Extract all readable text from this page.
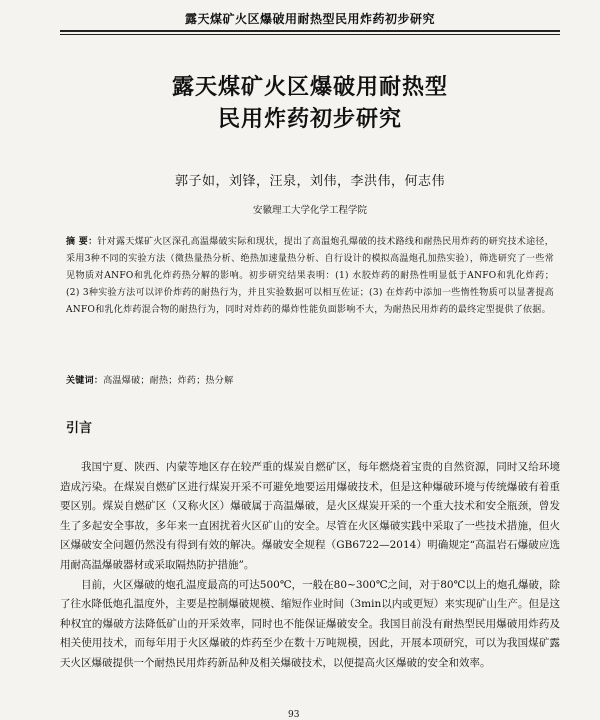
露天煤矿火区爆破用耐热型民用炸药初步研究
露天煤矿火区爆破用耐热型
民用炸药初步研究
郭子如，刘锋，汪泉，刘伟，李洪伟，何志伟
安徽理工大学化学工程学院
摘 要：针对露天煤矿火区深孔高温爆破实际和现状，提出了高温炮孔爆破的技术路线和耐热民用炸药的研究技术途径，采用3种不同的实验方法（微热量热分析、绝热加速量热分析、自行设计的模拟高温炮孔加热实验），筛选研究了一些常见物质对ANFO和乳化炸药热分解的影响。初步研究结果表明：(1) 水胶炸药的耐热性明显低于ANFO和乳化炸药；(2) 3种实验方法可以评价炸药的耐热行为，并且实验数据可以相互佐证；(3) 在炸药中添加一些惰性物质可以显著提高ANFO和乳化炸药混合物的耐热行为，同时对炸药的爆炸性能负面影响不大，为耐热民用炸药的最终定型提供了依据。
关键词：高温爆破；耐热；炸药；热分解
引言

我国宁夏、陕西、内蒙等地区存在较严重的煤炭自燃矿区，每年燃烧着宝贵的自然资源，同时又给环境造成污染。在煤炭自燃矿区进行煤炭开采不可避免地要运用爆破技术，但是这种爆破环境与传统爆破有着重要区别。煤炭自燃矿区（又称火区）爆破属于高温爆破，是火区煤炭开采的一个重大技术和安全瓶颈，曾发生了多起安全事故，多年来一直困扰着火区矿山的安全。尽管在火区爆破实践中采取了一些技术措施，但火区爆破安全问题仍然没有得到有效的解决。爆破安全规程（GB6722—2014）明确规定“高温岩石爆破应选用耐高温爆破器材或采取隔热防护措施”。

目前，火区爆破的炮孔温度最高的可达500℃，一般在80~300℃之间，对于80℃以上的炮孔爆破，除了往水降低炮孔温度外，主要是控制爆破规模、缩短作业时间（3min以内或更短）来实现矿山生产。但是这种权宜的爆破方法降低矿山的开采效率，同时也不能保证爆破安全。我国目前没有耐热型民用爆破用炸药及相关使用技术，而每年用于火区爆破的炸药至少在数十万吨规模，因此，开展本项研究，可以为我国煤矿露天火区爆破提供一个耐热民用炸药新品种及相关爆破技术，以便提高火区爆破的安全和效率。

93
